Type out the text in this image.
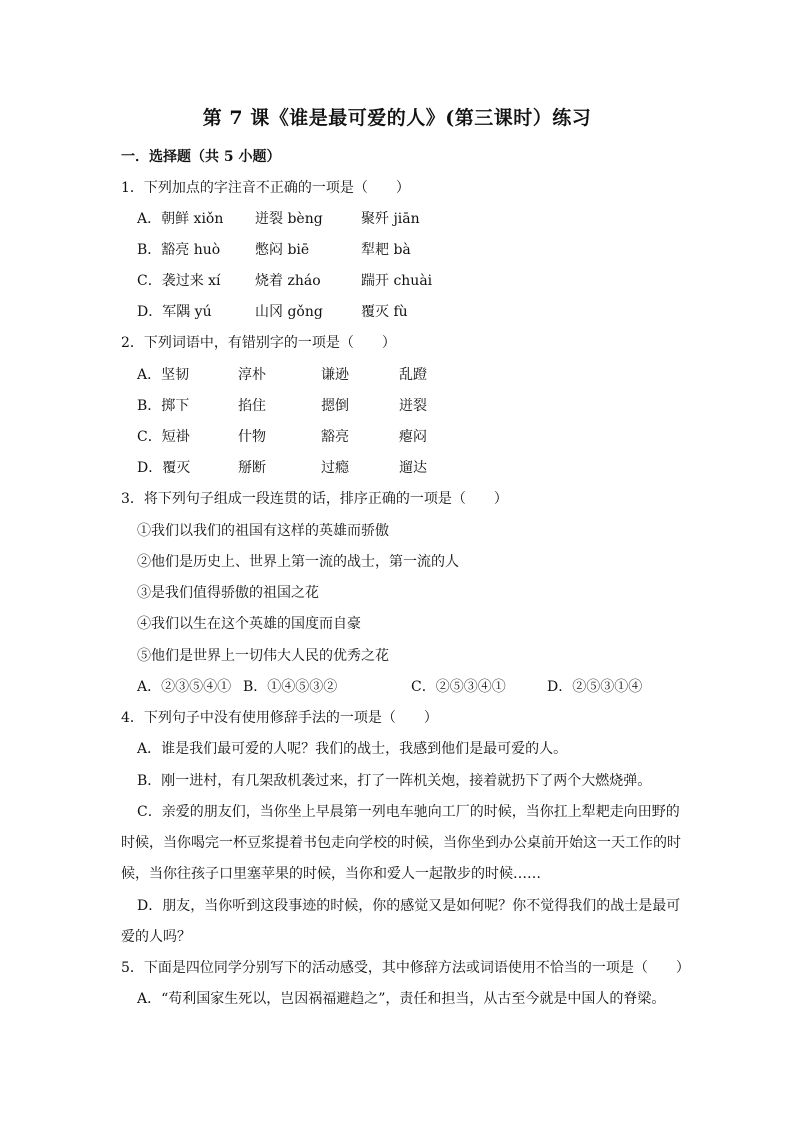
第 7 课《谁是最可爱的人》(第三课时）练习
一．选择题（共 5 小题）
1．下列加点的字注音不正确的一项是（　　）
A．朝鲜 xiǒn 迸裂 bèng	聚歼 jiān
B．豁亮 huò 憋闷 biē	犁耙 bà
C．袭过来 xí 烧着 zháo	踹开 chuài
D．军隅 yú	山冈 gǒng	覆灭 fù
2．下列词语中，有错别字的一项是（　　）
A．坚韧	淳朴	谦逊	乱蹬
B．掷下	掐住	摁倒	迸裂
C．短褂	什物	豁亮	瘪闷
D．覆灭	掰断	过瘾	遛达
3．将下列句子组成一段连贯的话，排序正确的一项是（　　）
①我们以我们的祖国有这样的英雄而骄傲
②他们是历史上、世界上第一流的战士，第一流的人
③是我们值得骄傲的祖国之花
④我们以生在这个英雄的国度而自豪
⑤他们是世界上一切伟大人民的优秀之花
A．②③⑤④① B．①④⑤③②	C．②⑤③④①	D．②⑤③①④
4．下列句子中没有使用修辞手法的一项是（　　）
A．谁是我们最可爱的人呢？我们的战士，我感到他们是最可爱的人。
B．刚一进村，有几架敌机袭过来，打了一阵机关炮，接着就扔下了两个大燃烧弹。
C．亲爱的朋友们，当你坐上早晨第一列电车驰向工厂的时候，当你扛上犁耙走向田野的
时候，当你喝完一杯豆浆提着书包走向学校的时候，当你坐到办公桌前开始这一天工作的时
候，当你往孩子口里塞苹果的时候，当你和爱人一起散步的时候……
D．朋友，当你听到这段事迹的时候，你的感觉又是如何呢？你不觉得我们的战士是最可
爱的人吗？
5．下面是四位同学分别写下的活动感受，其中修辞方法或词语使用不恰当的一项是（　　）
A．“苟利国家生死以，岂因祸福避趋之”，责任和担当，从古至今就是中国人的脊梁。
